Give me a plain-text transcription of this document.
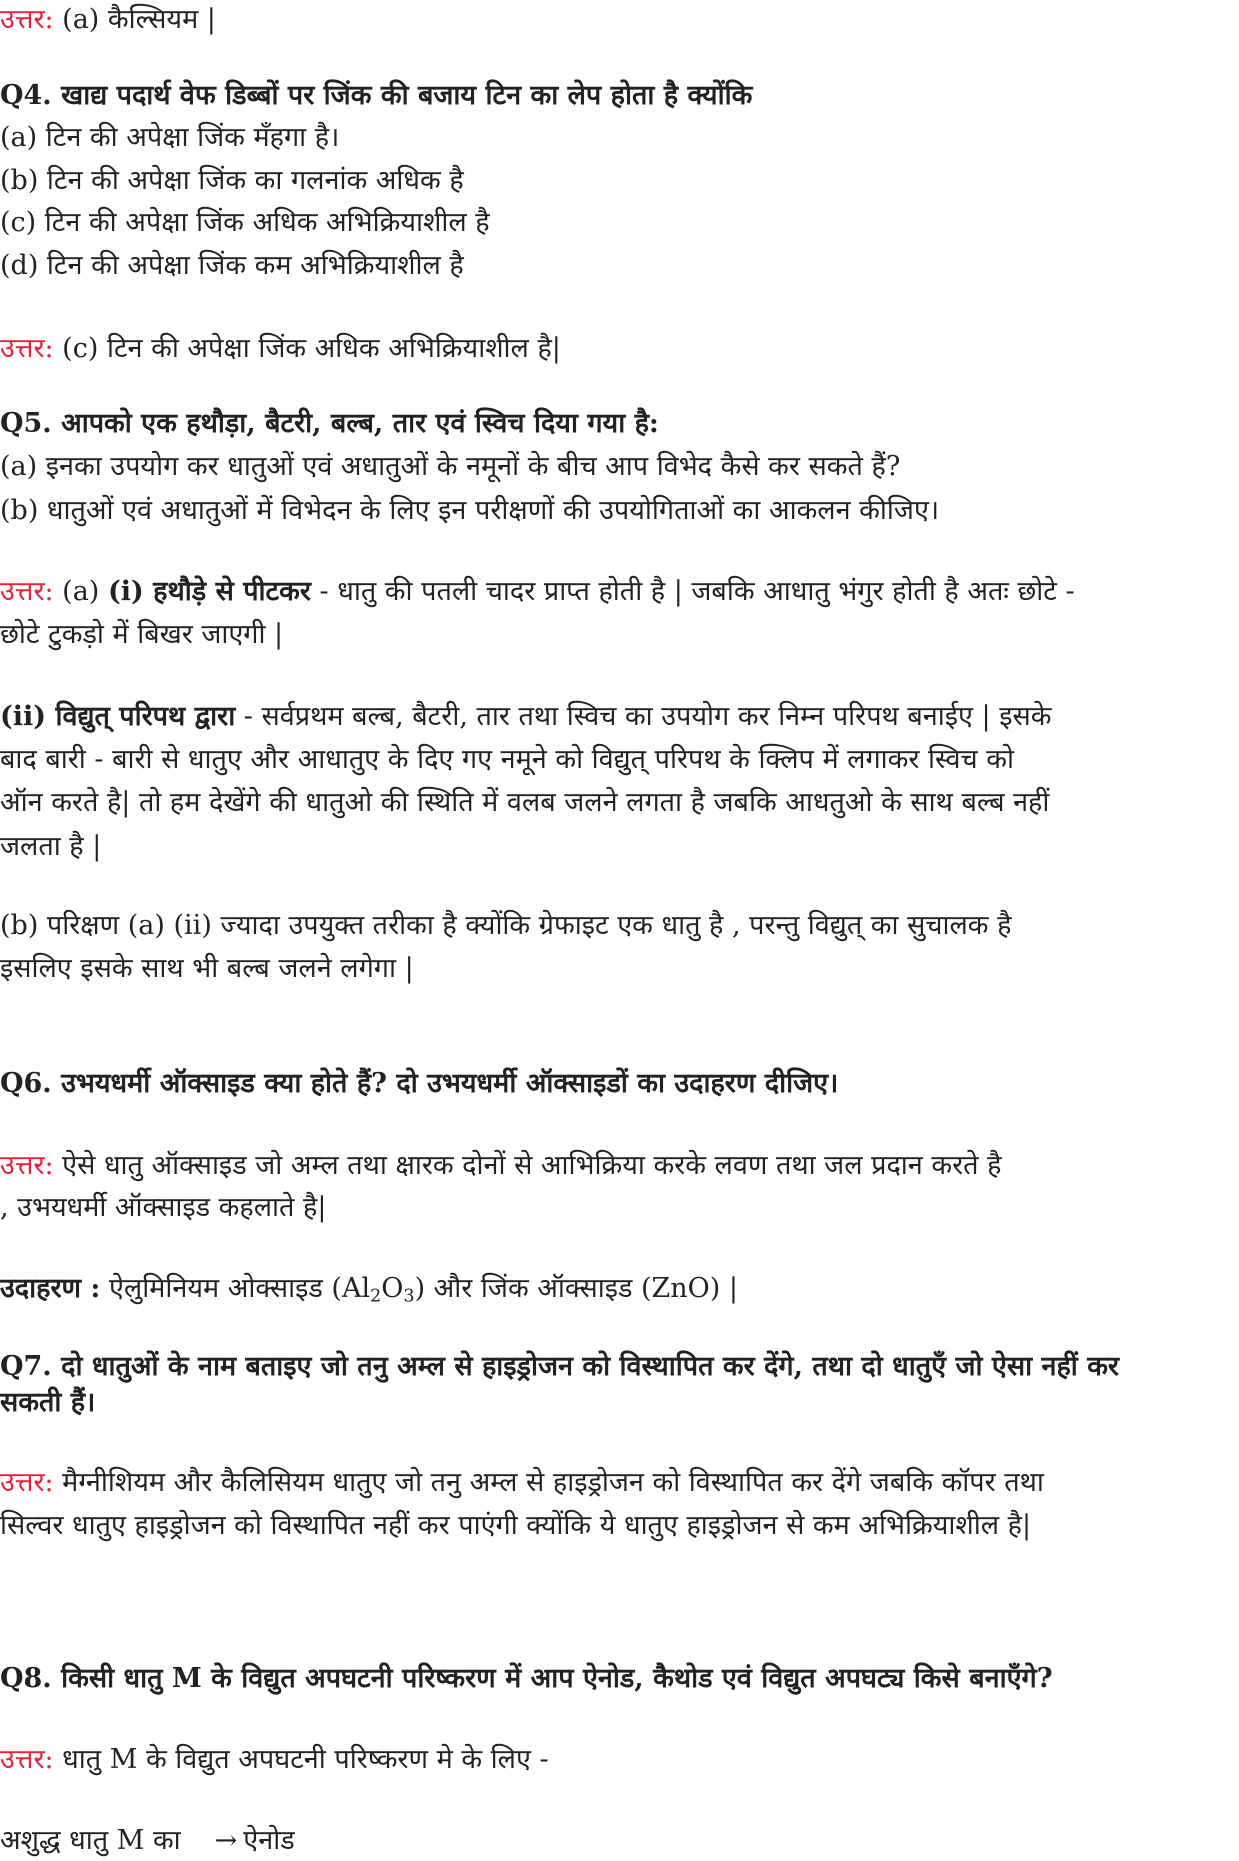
उत्तर: (a) कैल्सियम |
Q4. खाद्य पदार्थ वेफ डिब्बों पर जिंक की बजाय टिन का लेप होता है क्योंकि
(a) टिन की अपेक्षा जिंक मँहगा है।
(b) टिन की अपेक्षा जिंक का गलनांक अधिक है
(c) टिन की अपेक्षा जिंक अधिक अभिक्रियाशील है
(d) टिन की अपेक्षा जिंक कम अभिक्रियाशील है
उत्तर: (c) टिन की अपेक्षा जिंक अधिक अभिक्रियाशील है|
Q5. आपको एक हथौड़ा, बैटरी, बल्ब, तार एवं स्विच दिया गया है:
(a) इनका उपयोग कर धातुओं एवं अधातुओं के नमूनों के बीच आप विभेद कैसे कर सकते हैं?
(b) धातुओं एवं अधातुओं में विभेदन के लिए इन परीक्षणों की उपयोगिताओं का आकलन कीजिए।
उत्तर: (a) (i) हथौड़े से पीटकर - धातु की पतली चादर प्राप्त होती है | जबकि आधातु भंगुर होती है अतः छोटे -
छोटे टुकड़ो में बिखर जाएगी |
(ii) विद्युत् परिपथ द्वारा - सर्वप्रथम बल्ब, बैटरी, तार तथा स्विच का उपयोग कर निम्न परिपथ बनाईए | इसके
बाद बारी - बारी से धातुए और आधातुए के दिए गए नमूने को विद्युत् परिपथ के क्लिप में लगाकर स्विच को
ऑन करते है| तो हम देखेंगे की धातुओ की स्थिति में वलब जलने लगता है जबकि आधतुओ के साथ बल्ब नहीं
जलता है |
(b) परिक्षण (a) (ii) ज्यादा उपयुक्त तरीका है क्योंकि ग्रेफाइट एक धातु है , परन्तु विद्युत् का सुचालक है
इसलिए इसके साथ भी बल्ब जलने लगेगा |
Q6. उभयधर्मी ऑक्साइड क्या होते हैं? दो उभयधर्मी ऑक्साइडों का उदाहरण दीजिए।
उत्तर: ऐसे धातु ऑक्साइड जो अम्ल तथा क्षारक दोनों से आभिक्रिया करके लवण तथा जल प्रदान करते है
, उभयधर्मी ऑक्साइड कहलाते है|
उदाहरण : ऐलुमिनियम ओक्साइड $(Al_2O_3)$ और जिंक ऑक्साइड (ZnO) |
Q7. दो धातुओं के नाम बताइए जो तनु अम्ल से हाइड्रोजन को विस्थापित कर देंगे, तथा दो धातुएँ जो ऐसा नहीं कर
सकती हैं।
उत्तर: मैग्नीशियम और कैलिसियम धातुए जो तनु अम्ल से हाइड्रोजन को विस्थापित कर देंगे जबकि कॉपर तथा
सिल्वर धातुए हाइड्रोजन को विस्थापित नहीं कर पाएंगी क्योंकि ये धातुए हाइड्रोजन से कम अभिक्रियाशील है|
Q8. किसी धातु M के विद्युत अपघटनी परिष्करण में आप ऐनोड, कैथोड एवं विद्युत अपघट्य किसे बनाएँगे?
उत्तर: धातु M के विद्युत अपघटनी परिष्करण मे के लिए -
अशुद्ध धातु M का → ऐनोड
